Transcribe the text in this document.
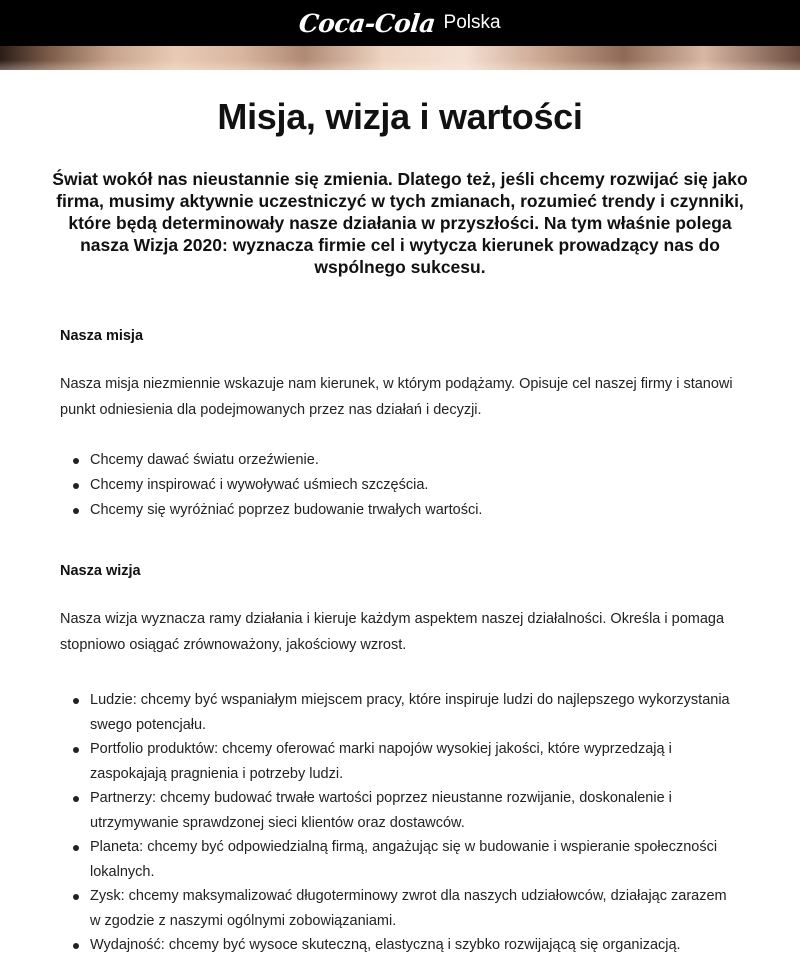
Coca-Cola Polska
Misja, wizja i wartości

Świat wokół nas nieustannie się zmienia. Dlatego też, jeśli chcemy rozwijać się jako firma, musimy aktywnie uczestniczyć w tych zmianach, rozumieć trendy i czynniki, które będą determinowały nasze działania w przyszłości. Na tym właśnie polega nasza Wizja 2020: wyznacza firmie cel i wytycza kierunek prowadzący nas do wspólnego sukcesu.

Nasza misja

Nasza misja niezmiennie wskazuje nam kierunek, w którym podążamy. Opisuje cel naszej firmy i stanowi punkt odniesienia dla podejmowanych przez nas działań i decyzji.

Chcemy dawać światu orzeźwienie.
Chcemy inspirować i wywoływać uśmiech szczęścia.
Chcemy się wyróżniać poprzez budowanie trwałych wartości.
Nasza wizja

Nasza wizja wyznacza ramy działania i kieruje każdym aspektem naszej działalności. Określa i pomaga stopniowo osiągać zrównoważony, jakościowy wzrost.

Ludzie: chcemy być wspaniałym miejscem pracy, które inspiruje ludzi do najlepszego wykorzystania swego potencjału.
Portfolio produktów: chcemy oferować marki napojów wysokiej jakości, które wyprzedzają i zaspokajają pragnienia i potrzeby ludzi.
Partnerzy: chcemy budować trwałe wartości poprzez nieustanne rozwijanie, doskonalenie i utrzymywanie sprawdzonej sieci klientów oraz dostawców.
Planeta: chcemy być odpowiedzialną firmą, angażując się w budowanie i wspieranie społeczności lokalnych.
Zysk: chcemy maksymalizować długoterminowy zwrot dla naszych udziałowców, działając zarazem w zgodzie z naszymi ogólnymi zobowiązaniami.
Wydajność: chcemy być wysoce skuteczną, elastyczną i szybko rozwijającą się organizacją.
